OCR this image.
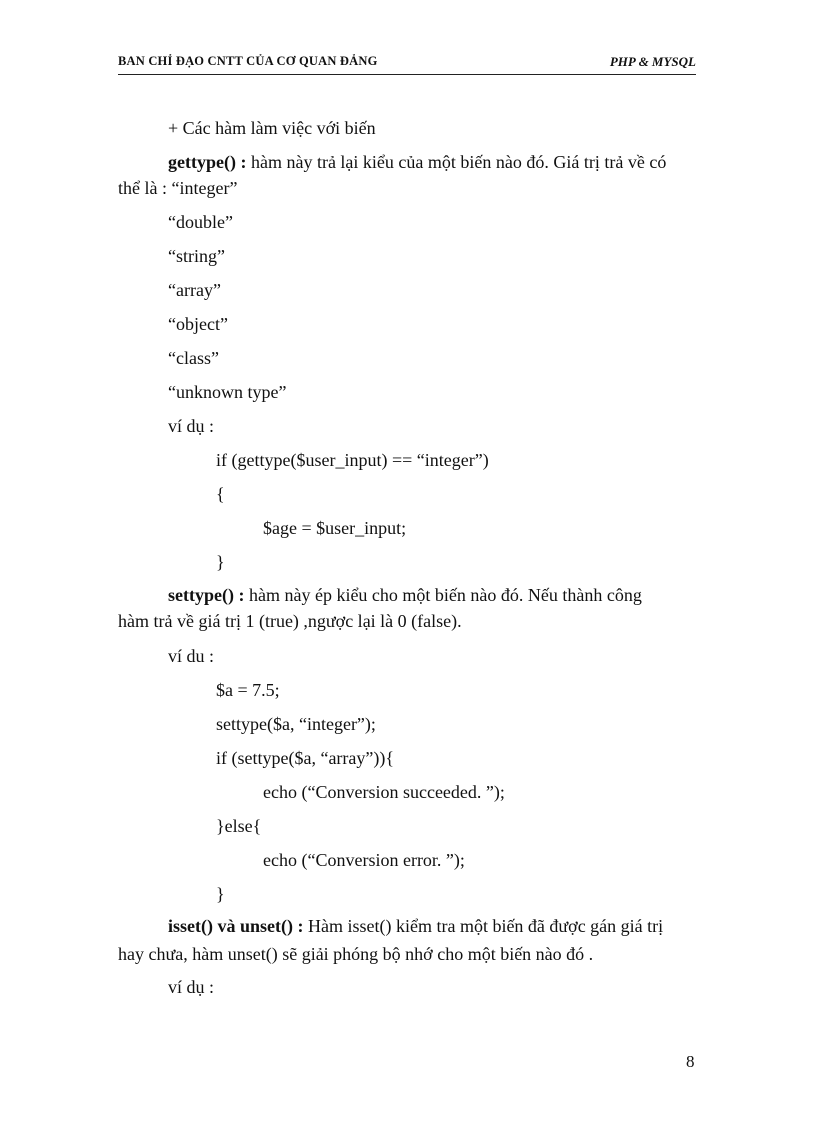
BAN CHỈ ĐẠO CNTT CỦA CƠ QUAN ĐẢNG	PHP & MYSQL
+ Các hàm làm việc với biến
gettype() : hàm này trả lại kiểu của một biến nào đó. Giá trị trả về có
thể là : “integer”
“double”
“string”
“array”
“object”
“class”
“unknown type”
ví dụ :
if (gettype($user_input) == “integer”)
{
$age = $user_input;
}
settype() : hàm này ép kiểu cho một biến nào đó. Nếu thành công
hàm trả về giá trị 1 (true) ,ngược lại là 0 (false).
ví du :
$a = 7.5;
settype($a, “integer”);
if (settype($a, “array”)){
echo (“Conversion succeeded. ”);
}else{
echo (“Conversion error. ”);
}
isset() và unset() : Hàm isset() kiểm tra một biến đã được gán giá trị
hay chưa, hàm unset() sẽ giải phóng bộ nhớ cho một biến nào đó .
ví dụ :
8
